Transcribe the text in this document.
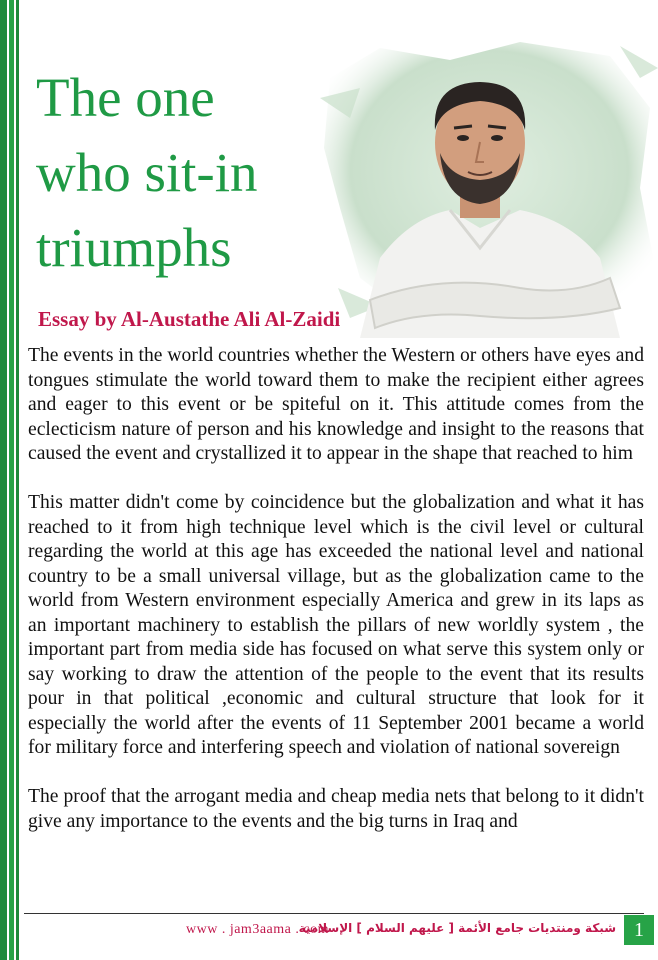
The one
who sit-in
triumphs
Essay by Al-Austathe Ali Al-Zaidi

The events in the world countries whether the Western or others have eyes and tongues stimulate the world toward them to make the recipient either agrees and eager to this event or be spiteful on it. This attitude comes from the eclecticism nature of person and his knowledge and insight to the reasons that caused the event and crystallized it to appear in the shape that reached to him

This matter didn't come by coincidence but the globalization and what it has reached to it from high technique level which is the civil level or cultural regarding the world at this age has exceeded the national level and national country to be a small universal village, but as the globalization came to the world from Western environment especially America and grew in its laps as an important machinery to establish the pillars of new worldly system , the important part from media side has focused on what serve this system only or say working to draw the attention of the people to the event that its results pour in that political ,economic and cultural structure that look for it especially the world after the events of 11 September 2001 became a world for military force and interfering speech and violation of national sovereign

The proof that the arrogant media and cheap media nets that belong to it didn't give any importance to the events and the big turns in Iraq and

www . jam3aama . com
شبكة ومنتديات جامع الأئمة [ عليهم السلام ] الإسلامية 1
